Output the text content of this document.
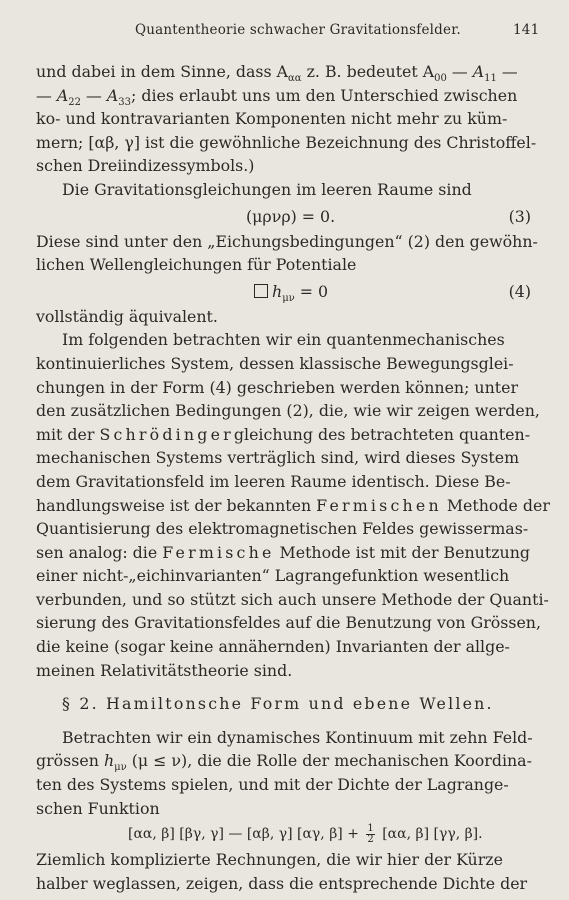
Quantentheorie schwacher Gravitationsfelder.	141
und dabei in dem Sinne, dass $A_{\alpha\alpha}$ z. B. bedeutet $A_{00}$ — $A_{11}$ —
— $A_{22}$ — $A_{33}$; dies erlaubt uns um den Unterschied zwischen
ko- und kontravarianten Komponenten nicht mehr zu küm-
mern; [αβ, γ] ist die gewöhnliche Bezeichnung des Christoffel-
schen Dreiindizessymbols.)
Die Gravitationsgleichungen im leeren Raume sind
(μρνρ) = 0.	(3)
Diese sind unter den „Eichungsbedingungen“ (2) den gewöhn-
lichen Wellengleichungen für Potentiale
$h_{\mu\nu} = 0$	(4)
vollständig äquivalent.
Im folgenden betrachten wir ein quantenmechanisches
kontinuierliches System, dessen klassische Bewegungsglei-
chungen in der Form (4) geschrieben werden können; unter
den zusätzlichen Bedingungen (2), die, wie wir zeigen werden,
mit der Schrödingergleichung des betrachteten quanten-
mechanischen Systems verträglich sind, wird dieses System
dem Gravitationsfeld im leeren Raume identisch. Diese Be-
handlungsweise ist der bekannten Fermischen Methode der
Quantisierung des elektromagnetischen Feldes gewissermas-
sen analog: die Fermische Methode ist mit der Benutzung
einer nicht-„eichinvarianten“ Lagrangefunktion wesentlich
verbunden, und so stützt sich auch unsere Methode der Quanti-
sierung des Gravitationsfeldes auf die Benutzung von Grössen,
die keine (sogar keine annähernden) Invarianten der allge-
meinen Relativitätstheorie sind.
§ 2. Hamiltonsche Form und ebene Wellen.
Betrachten wir ein dynamisches Kontinuum mit zehn Feld-
grössen $h_{\mu\nu}$ (μ ≤ ν), die die Rolle der mechanischen Koordina-
ten des Systems spielen, und mit der Dichte der Lagrange-
schen Funktion
[αα, β] [βγ, γ] — [αβ, γ] [αγ, $\beta] + \frac{1}{2} [\alpha\alpha$, β] [γγ, β].
Ziemlich komplizierte Rechnungen, die wir hier der Kürze
halber weglassen, zeigen, dass die entsprechende Dichte der
